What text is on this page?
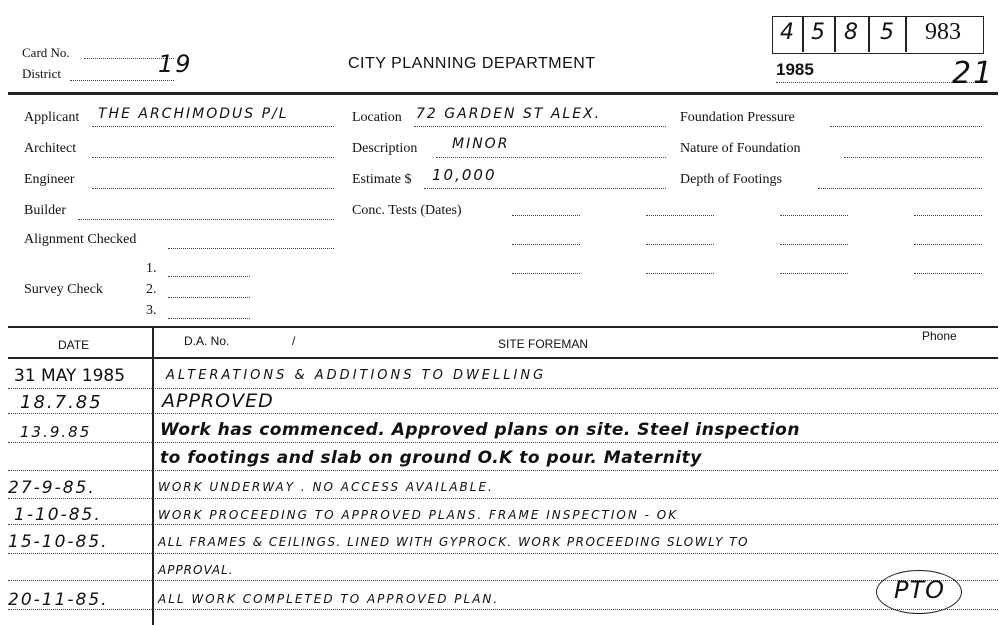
Card No.	19
District
CITY PLANNING DEPARTMENT
4 5 8 5 983
1985	21
Applicant THE ARCHIMODUS P/L
Architect
Engineer
Builder
Alignment Checked
Survey Check
1.
2.
3.
Location 72 GARDEN ST ALEX.
Description MINOR
Estimate $ 10,000
Conc. Tests (Dates)
Foundation Pressure
Nature of Foundation
Depth of Footings
DATE	D.A. No.	/	SITE FOREMAN
Phone
31 MAY 1985	ALTERATIONS & ADDITIONS TO DWELLING
18.7.85	APPROVED
13.9.85	Work has commenced. Approved plans on site. Steel inspection
to footings and slab on ground O.K to pour. Maternity
27-9-85.	WORK UNDERWAY . NO ACCESS AVAILABLE.
1-10-85.	WORK PROCEEDING TO APPROVED PLANS. FRAME INSPECTION - OK
15-10-85.	ALL FRAMES & CEILINGS. LINED WITH GYPROCK. WORK PROCEEDING SLOWLY TO
APPROVAL.
20-11-85.	ALL WORK COMPLETED TO APPROVED PLAN.	PTO
